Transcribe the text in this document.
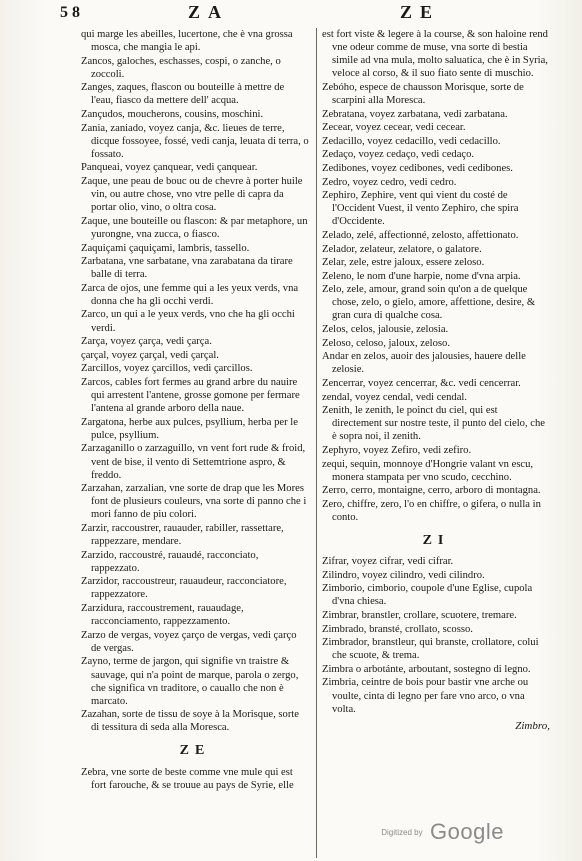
5 8	ZA	ZE
qui marge les abeilles, lucertone, che è vna grossa mosca, che mangia le api.
Zancos, galoches, eschasses, cospi, o zanche, o zoccoli.
Zanges, zaques, flascon ou bouteille à mettre de l'eau, fiasco da mettere dell' acqua.
Zançudos, moucherons, cousins, moschini.
Zania, zaniado, voyez canja, &c. lieues de terre, dicque fossoyee, fossé, vedi canja, leuata di terra, o fossato.
Panqueai, voyez çanquear, vedi çanquear.
Zaque, une peau de bouc ou de chevre à porter huile vin, ou autre chose, vno vtre pelle di capra da portar olio, vino, o oltra cosa.
Zaque, une bouteille ou flascon: & par metaphore, un yurongne, vna zucca, o fiasco.
Zaquiçami çaquiçami, lambris, tassello.
Zarbatana, vne sarbatane, vna zarabatana da tirare balle di terra.
Zarca de ojos, une femme qui a les yeux verds, vna donna che ha gli occhi verdi.
Zarco, un qui a le yeux verds, vno che ha gli occhi verdi.
Zarça, voyez çarça, vedi çarça.
çarçal, voyez çarçal, vedi çarçal.
Zarcillos, voyez çarcillos, vedi çarcillos.
Zarcos, cables fort fermes au grand arbre du nauire qui arrestent l'antene, grosse gomone per fermare l'antena al grande arboro della naue.
Zargatona, herbe aux pulces, psyllium, herba per le pulce, psyllium.
Zarzaganillo o zarzaguillo, vn vent fort rude & froid, vent de bise, il vento di Settemtrione aspro, & freddo.
Zarzahan, zarzalian, vne sorte de drap que les Mores font de plusieurs couleurs, vna sorte di panno che i mori fanno de piu colori.
Zarzir, raccoustrer, rauauder, rabiller, rassettare, rappezzare, mendare.
Zarzido, raccoustré, rauaudé, racconciato, rappezzato.
Zarzidor, raccoustreur, rauaudeur, racconciatore, rappezzatore.
Zarzidura, raccoustrement, rauaudage, racconciamento, rappezzamento.
Zarzo de vergas, voyez çarço de vergas, vedi çarço de vergas.
Zayno, terme de jargon, qui signifie vn traistre & sauvage, qui n'a point de marque, parola o zergo, che significa vn traditore, o cauallo che non è marcato.
Zazahan, sorte de tissu de soye à la Morisque, sorte di tessitura di seda alla Moresca.
ZE
Zebra, vne sorte de beste comme vne mule qui est fort farouche, & se trouue au pays de Syrie, elle
est fort viste & legere à la course, & son haloine rend vne odeur comme de muse, vna sorte di bestia simile ad vna mula, molto saluatica, che è in Syria, veloce al corso, & il suo fiato sente di muschio.
Zebóho, espece de chausson Morisque, sorte de scarpini alla Moresca.
Zebratana, voyez zarbatana, vedi zarbatana.
Zecear, voyez cecear, vedi cecear.
Zedacillo, voyez cedacillo, vedi cedacillo.
Zedaço, voyez cedaço, vedi cedaço.
Zedibones, voyez cedibones, vedi cedibones.
Zedro, voyez cedro, vedi cedro.
Zephiro, Zephire, vent qui vient du costé de l'Occident Vuest, il vento Zephiro, che spira d'Occidente.
Zelado, zelé, affectionné, zelosto, affettionato.
Zelador, zelateur, zelatore, o galatore.
Zelar, zele, estre jaloux, essere zeloso.
Zeleno, le nom d'une harpie, nome d'vna arpia.
Zelo, zele, amour, grand soin qu'on a de quelque chose, zelo, o gielo, amore, affettione, desire, & gran cura di qualche cosa.
Zelos, celos, jalousie, zelosia.
Zeloso, celoso, jaloux, zeloso.
Andar en zelos, auoir des jalousies, hauere delle zelosie.
Zencerrar, voyez cencerrar, &c. vedi cencerrar.
zendal, voyez cendal, vedi cendal.
Zenith, le zenith, le poinct du ciel, qui est directement sur nostre teste, il punto del cielo, che è sopra noi, il zenith.
Zephyro, voyez Zefiro, vedi zefiro.
zequi, sequin, monnoye d'Hongrie valant vn escu, monera stampata per vno scudo, cecchino.
Zerro, cerro, montaigne, cerro, arboro di montagna.
Zero, chiffre, zero, l'o en chiffre, o gifera, o nulla in conto.
ZI
Zifrar, voyez cifrar, vedi cifrar.
Zilindro, voyez cilindro, vedi cilindro.
Zimborio, cimborio, coupole d'une Eglise, cupola d'vna chiesa.
Zimbrar, branstler, crollare, scuotere, tremare.
Zimbrado, bransté, crollato, scosso.
Zimbrador, branstleur, qui branste, crollatore, colui che scuote, & trema.
Zimbra o arbotánte, arboutant, sostegno di legno.
Zimbria, ceintre de bois pour bastir vne arche ou voulte, cinta di legno per fare vno arco, o vna volta.
Zimbro,
Digitized by Google
